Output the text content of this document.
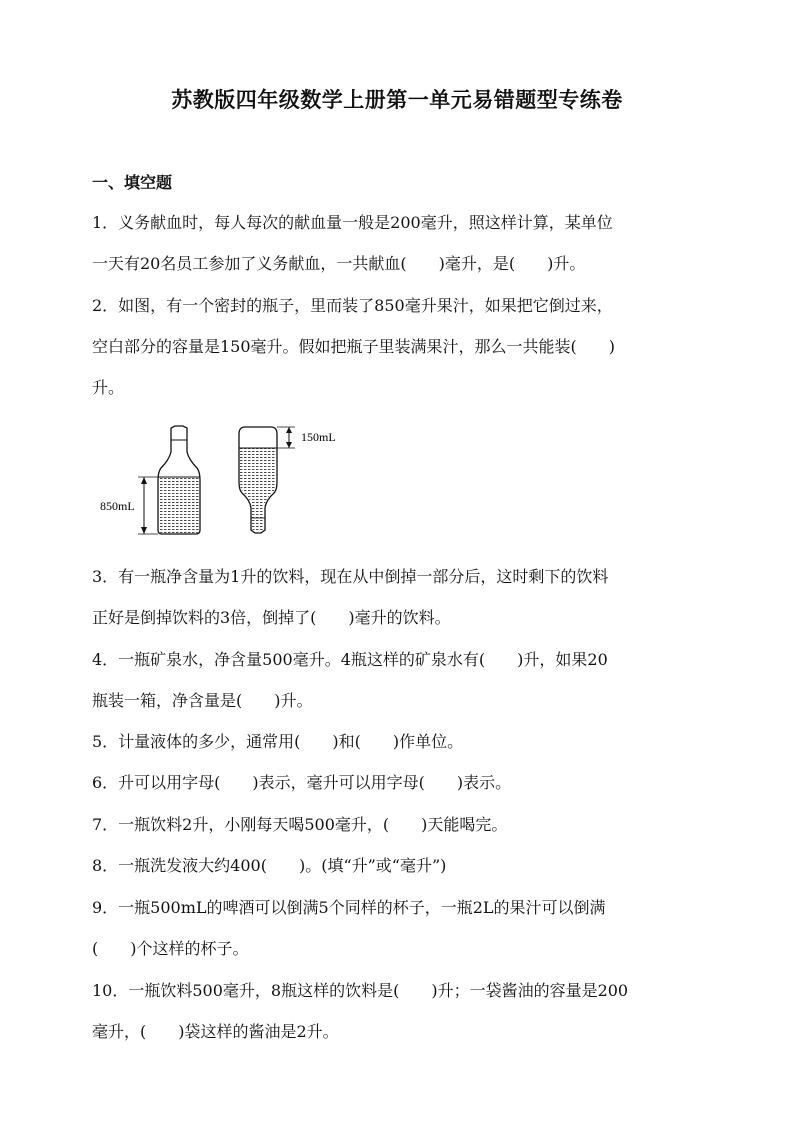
苏教版四年级数学上册第一单元易错题型专练卷
一、填空题
1．义务献血时，每人每次的献血量一般是200毫升，照这样计算，某单位
一天有20名员工参加了义务献血，一共献血(　　)毫升，是(　　)升。
2．如图，有一个密封的瓶子，里而装了850毫升果汁，如果把它倒过来，
空白部分的容量是150毫升。假如把瓶子里装满果汁，那么一共能装(　　)
升。
850mL
150mL
3．有一瓶净含量为1升的饮料，现在从中倒掉一部分后，这时剩下的饮料
正好是倒掉饮料的3倍，倒掉了(　　)毫升的饮料。
4．一瓶矿泉水，净含量500毫升。4瓶这样的矿泉水有(　　)升，如果20
瓶装一箱，净含量是(　　)升。
5．计量液体的多少，通常用(　　)和(　　)作单位。
6．升可以用字母(　　)表示，毫升可以用字母(　　)表示。
7．一瓶饮料2升，小刚每天喝500毫升，(　　)天能喝完。
8．一瓶洗发液大约400(　　)。(填“升”或“毫升”)
9．一瓶500mL的啤酒可以倒满5个同样的杯子，一瓶2L的果汁可以倒满
(　　)个这样的杯子。
10．一瓶饮料500毫升，8瓶这样的饮料是(　　)升；一袋酱油的容量是200
毫升，(　　)袋这样的酱油是2升。
